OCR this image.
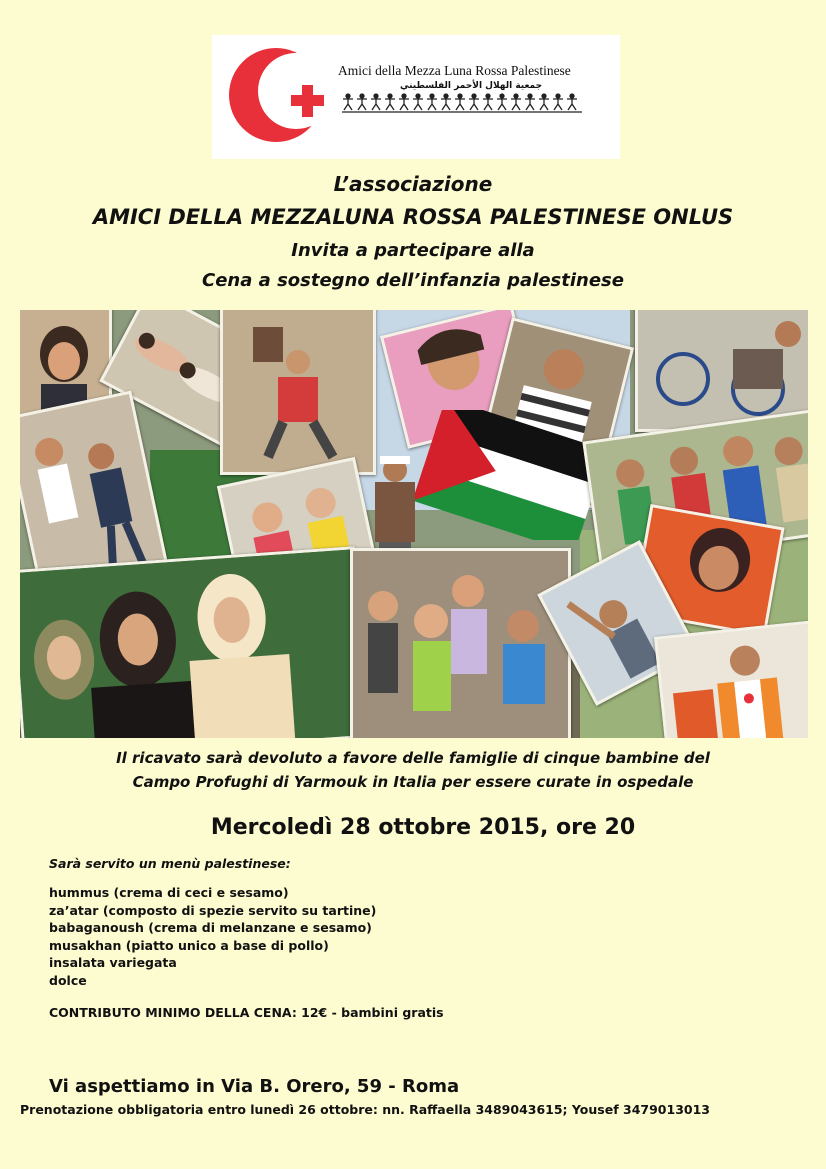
Amici della Mezza Luna Rossa Palestinese
جمعية الهلال الأحمر الفلسطيني
L’associazione
AMICI DELLA MEZZALUNA ROSSA PALESTINESE ONLUS
Invita a partecipare alla
Cena a sostegno dell’infanzia palestinese
Il ricavato sarà devoluto a favore delle famiglie di cinque bambine del
Campo Profughi di Yarmouk in Italia per essere curate in ospedale
Mercoledì 28 ottobre 2015, ore 20
Sarà servito un menù palestinese:
hummus (crema di ceci e sesamo)
za’atar (composto di spezie servito su tartine)
babaganoush (crema di melanzane e sesamo)
musakhan (piatto unico a base di pollo)
insalata variegata
dolce
CONTRIBUTO MINIMO DELLA CENA: 12€ - bambini gratis
Vi aspettiamo in Via B. Orero, 59 - Roma
Prenotazione obbligatoria entro lunedì 26 ottobre: nn. Raffaella 3489043615; Yousef 3479013013
